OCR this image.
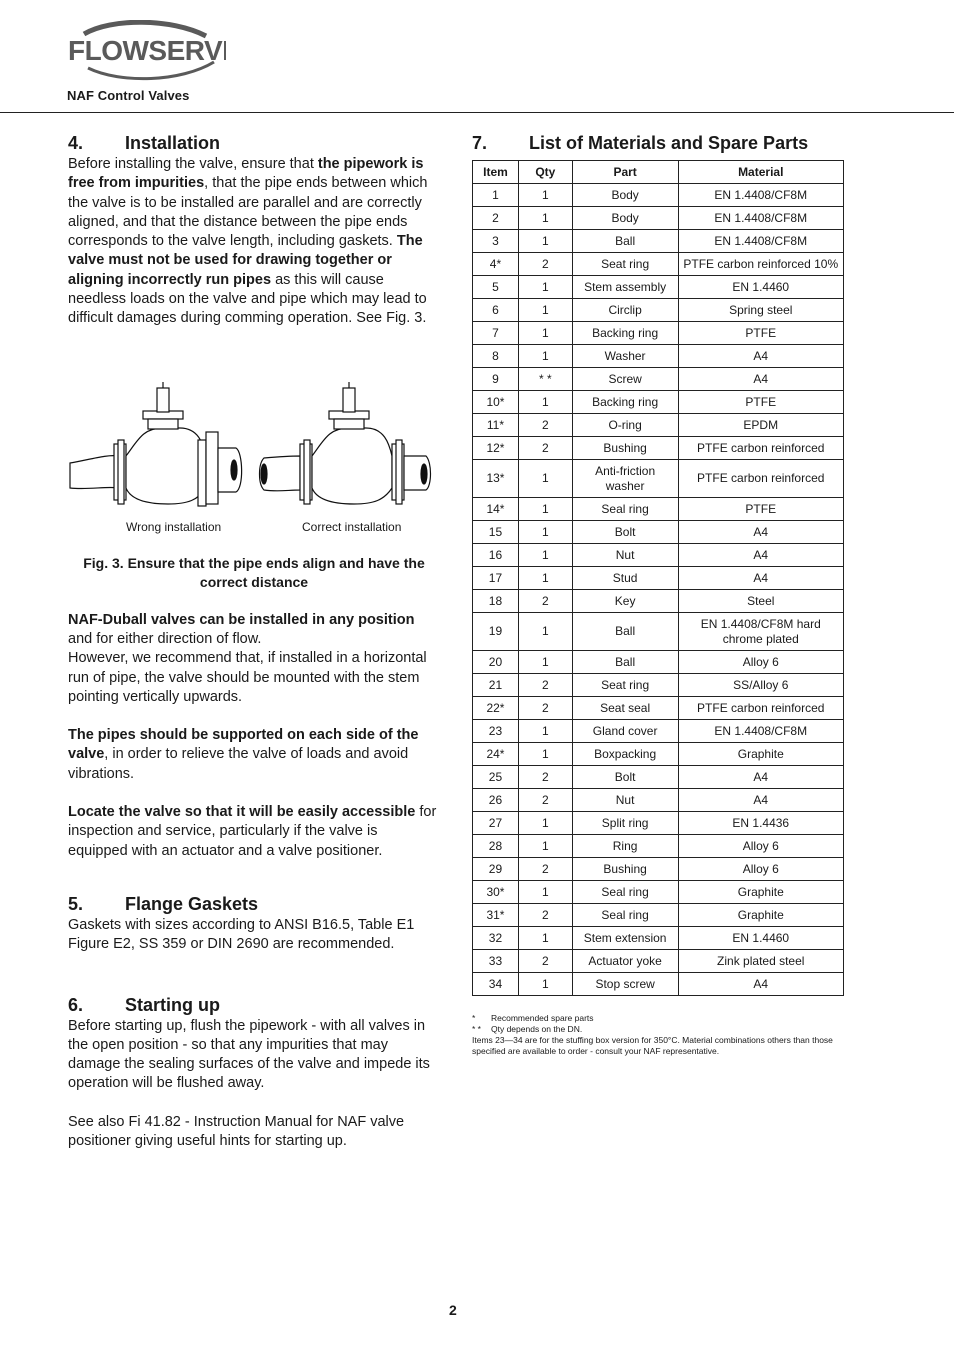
FLOWSERVE
NAF Control Valves
4.	Installation

Before installing the valve, ensure that the pipework is free from impurities, that the pipe ends between which the valve is to be installed are parallel and are correctly aligned, and that the distance between the pipe ends corresponds to the valve length, including gaskets. The valve must not be used for drawing together or aligning incorrectly run pipes as this will cause needless loads on the valve and pipe which may lead to difficult damages during comming operation. See Fig. 3.

Wrong installation	Correct installation

Fig. 3. Ensure that the pipe ends align and have the correct distance

NAF-Duball valves can be installed in any position and for either direction of flow.

However, we recommend that, if installed in a horizontal run of pipe, the valve should be mounted with the stem pointing vertically upwards.

The pipes should be supported on each side of the valve, in order to relieve the valve of loads and avoid vibrations.

Locate the valve so that it will be easily accessible for inspection and service, particularly if the valve is equipped with an actuator and a valve positioner.

5.	Flange Gaskets

Gaskets with sizes according to ANSI B16.5, Table E1 Figure E2, SS 359 or DIN 2690 are recommended.

6.	Starting up

Before starting up, flush the pipework - with all valves in the open position - so that any impurities that may damage the sealing surfaces of the valve and impede its operation will be flushed away.

See also Fi 41.82 - Instruction Manual for NAF valve positioner giving useful hints for starting up.

7.	List of Materials and Spare Parts
Item	Qty	Part	Material
1	1	Body	EN 1.4408/CF8M
2	1	Body	EN 1.4408/CF8M
3	1	Ball	EN 1.4408/CF8M
4*	2	Seat ring	PTFE carbon reinforced 10%
5	1	Stem assembly	EN 1.4460
6	1	Circlip	Spring steel
7	1	Backing ring	PTFE
8	1	Washer	A4
9	* *	Screw	A4
10*	1	Backing ring	PTFE
11*	2	O-ring	EPDM
12*	2	Bushing	PTFE carbon reinforced
13*	1	Anti-friction washer	PTFE carbon reinforced
14*	1	Seal ring	PTFE
15	1	Bolt	A4
16	1	Nut	A4
17	1	Stud	A4
18	2	Key	Steel
19	1	Ball	EN 1.4408/CF8M hard chrome plated
20	1	Ball	Alloy 6
21	2	Seat ring	SS/Alloy 6
22*	2	Seat seal	PTFE carbon reinforced
23	1	Gland cover	EN 1.4408/CF8M
24*	1	Boxpacking	Graphite
25	2	Bolt	A4
26	2	Nut	A4
27	1	Split ring	EN 1.4436
28	1	Ring	Alloy 6
29	2	Bushing	Alloy 6
30*	1	Seal ring	Graphite
31*	2	Seal ring	Graphite
32	1	Stem extension	EN 1.4460
33	2	Actuator yoke	Zink plated steel
34	1	Stop screw	A4
*	Recommended spare parts
* *	Qty depends on the DN.
Items 23—34 are for the stuffing box version for 350°C. Material combinations others than those specified are available to order - consult your NAF representative.
2
